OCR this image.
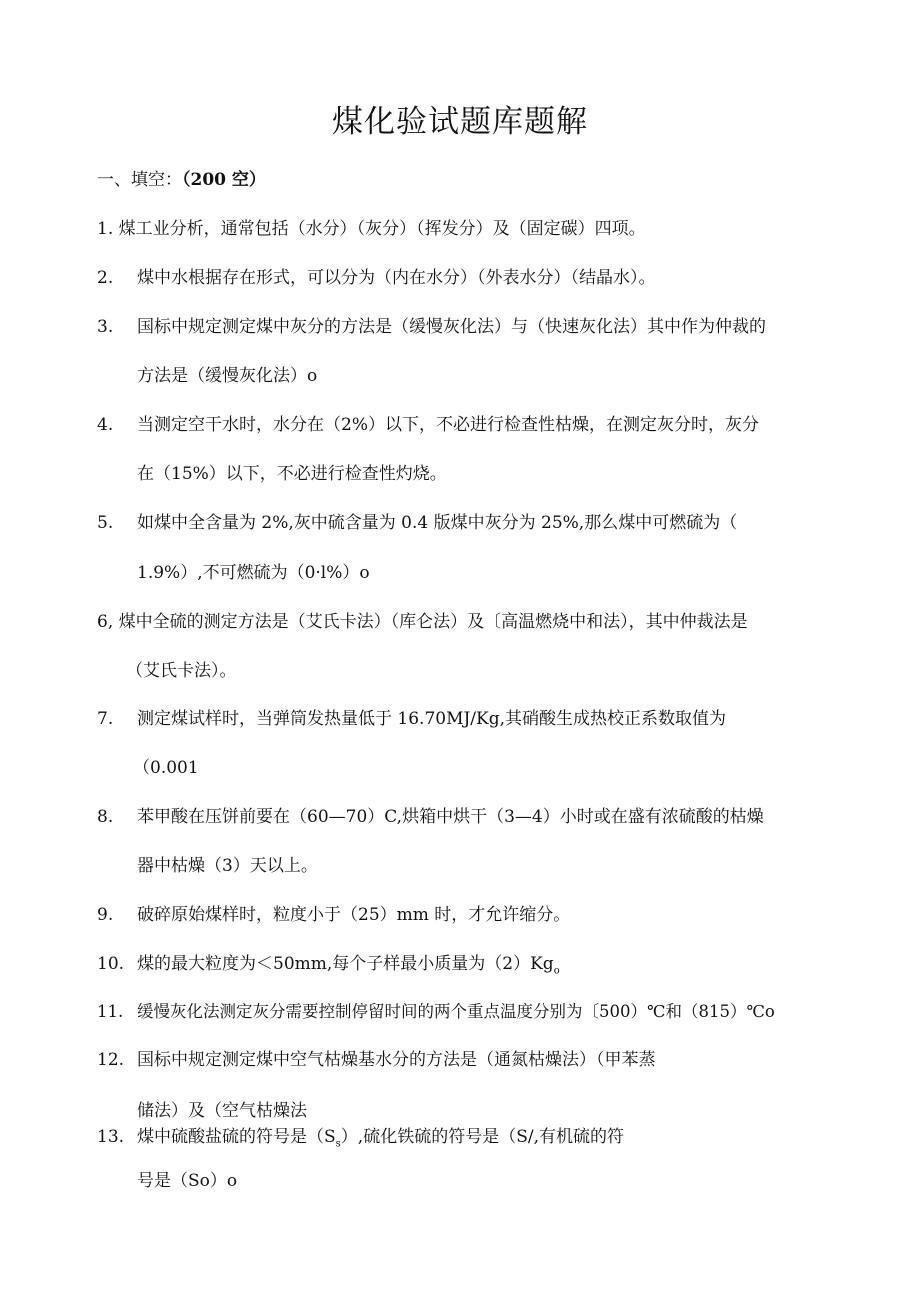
煤化验试题库题解
一、填空：（200 空）
1. 煤工业分析，通常包括（水分）（灰分）（挥发分）及（固定碳）四项。
2. 煤中水根据存在形式，可以分为（内在水分）（外表水分）（结晶水）。
3. 国标中规定测定煤中灰分的方法是（缓慢灰化法）与（快速灰化法）其中作为仲裁的
方法是（缓慢灰化法）o
4. 当测定空干水时，水分在（2%）以下，不必进行检查性枯燥，在测定灰分时，灰分
在（15%）以下，不必进行检查性灼烧。
5. 如煤中全含量为 2%,灰中硫含量为 0.4 版煤中灰分为 25%,那么煤中可燃硫为（
1.9%）,不可燃硫为（0·l%）o
6, 煤中全硫的测定方法是（艾氏卡法）（库仑法）及〔高温燃烧中和法），其中仲裁法是
（艾氏卡法）。
7. 测定煤试样时，当弹筒发热量低于 16.70MJ/Kg,其硝酸生成热校正系数取值为
（0.001
8. 苯甲酸在压饼前要在（60—70）C,烘箱中烘干（3—4）小时或在盛有浓硫酸的枯燥
器中枯燥（3）天以上。
9. 破碎原始煤样时，粒度小于（25）mm 时，才允许缩分。
10. 煤的最大粒度为＜50mm,每个子样最小质量为$(2)Kg_o$
11. 缓慢灰化法测定灰分需要控制停留时间的两个重点温度分别为〔500）℃和（815）℃o
12. 国标中规定测定煤中空气枯燥基水分的方法是（通氮枯燥法）（甲苯蒸
储法）及（空气枯燥法
13. 煤中硫酸盐硫的符号是$(S_s)$,硫化铁硫的符号是（S/,有机硫的符
号是（So）o
